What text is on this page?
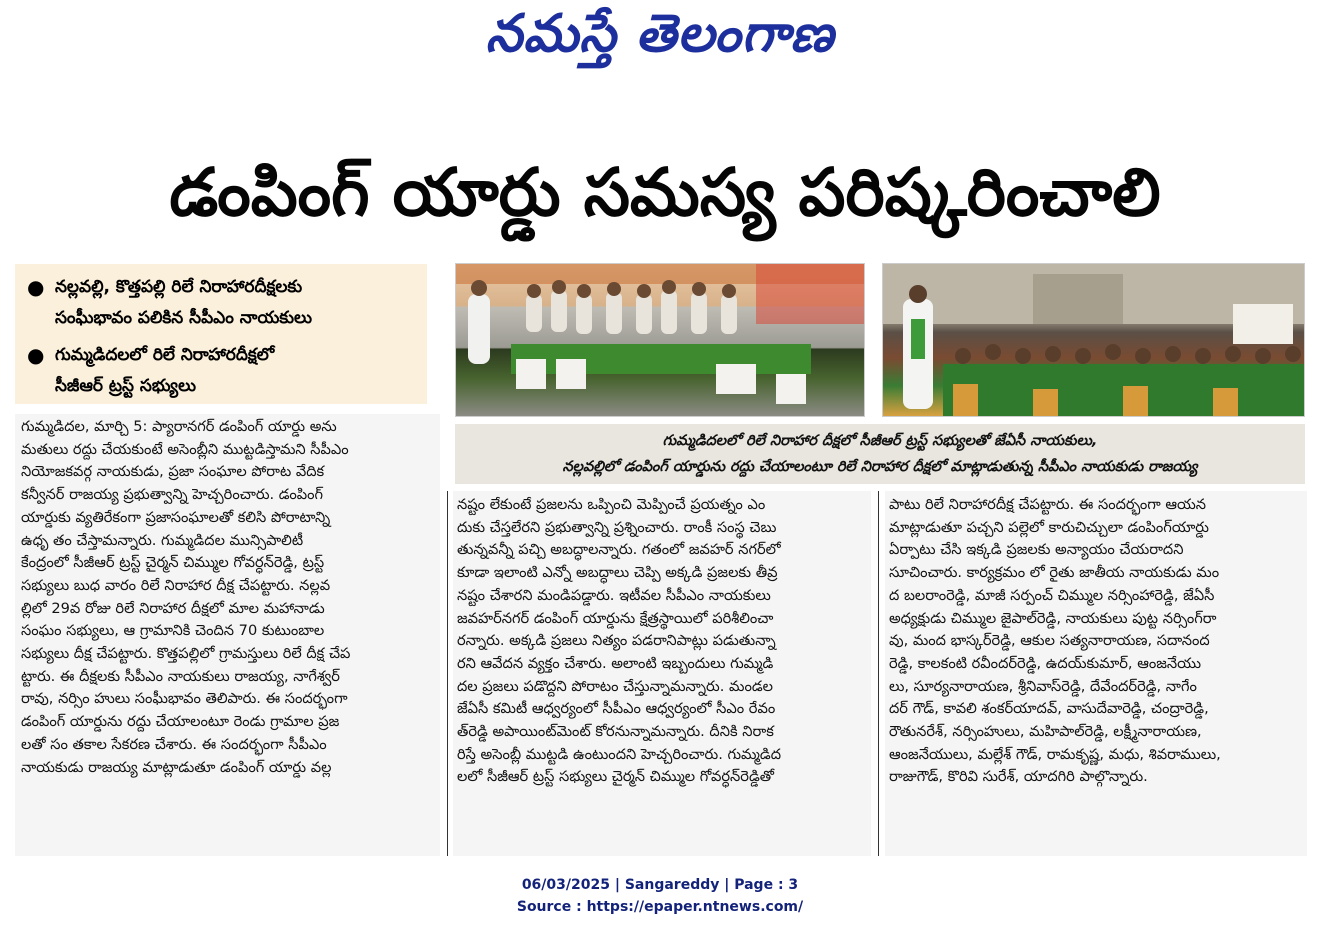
నమస్తే తెలంగాణ
డంపింగ్ యార్డు సమస్య పరిష్కరించాలి
● నల్లవల్లి, కొత్తపల్లి రిలే నిరాహారదీక్షలకు
సంఘీభావం పలికిన సీపీఎం నాయకులు
● గుమ్మడిదలలో రిలే నిరాహారదీక్షలో
సీజీఆర్ ట్రస్ట్ సభ్యులు

గుమ్మడిదలలో రిలే నిరాహార దీక్షలో సీజీఆర్ ట్రస్ట్ సభ్యులతో జేఏసీ నాయకులు,

నల్లవల్లిలో డంపింగ్ యార్డును రద్దు చేయాలంటూ రిలే నిరాహార దీక్షలో మాట్లాడుతున్న సీపీఎం నాయకుడు రాజయ్య

గుమ్మడిదల, మార్చి 5: ప్యారానగర్ డంపింగ్ యార్డు అను

మతులు రద్దు చేయకుంటే అసెంబ్లీని ముట్టడిస్తామని సీపీఎం

నియోజకవర్గ నాయకుడు, ప్రజా సంఘాల పోరాట వేదిక

కన్వీనర్ రాజయ్య ప్రభుత్వాన్ని హెచ్చరించారు. డంపింగ్

యార్డుకు వ్యతిరేకంగా ప్రజాసంఘాలతో కలిసి పోరాటాన్ని

ఉధృ తం చేస్తామన్నారు. గుమ్మడిదల మున్సిపాలిటీ

కేంద్రంలో సీజీఆర్ ట్రస్ట్ చైర్మన్ చిమ్ముల గోవర్ధన్‌రెడ్డి, ట్రస్ట్

సభ్యులు బుధ వారం రిలే నిరాహార దీక్ష చేపట్టారు. నల్లవ

ల్లిలో 29వ రోజు రిలే నిరాహార దీక్షలో మాల మహానాడు

సంఘం సభ్యులు, ఆ గ్రామానికి చెందిన 70 కుటుంబాల

సభ్యులు దీక్ష చేపట్టారు. కొత్తపల్లిలో గ్రామస్తులు రిలే దీక్ష చేప

ట్టారు. ఈ దీక్షలకు సీపీఎం నాయకులు రాజయ్య, నాగేశ్వర్

రావు, నర్సిం హులు సంఘీభావం తెలిపారు. ఈ సందర్భంగా

డంపింగ్ యార్డును రద్దు చేయాలంటూ రెండు గ్రామాల ప్రజ

లతో సం తకాల సేకరణ చేశారు. ఈ సందర్భంగా సీపీఎం

నాయకుడు రాజయ్య మాట్లాడుతూ డంపింగ్ యార్డు వల్ల

నష్టం లేకుంటే ప్రజలను ఒప్పించి మెప్పించే ప్రయత్నం ఎం

దుకు చేస్తలేరని ప్రభుత్వాన్ని ప్రశ్నించారు. రాంకీ సంస్థ చెబు

తున్నవన్నీ పచ్చి అబద్ధాలన్నారు. గతంలో జవహర్ నగర్‌లో

కూడా ఇలాంటి ఎన్నో అబద్ధాలు చెప్పి అక్కడి ప్రజలకు తీవ్ర

నష్టం చేశారని మండిపడ్డారు. ఇటీవల సీపీఎం నాయకులు

జవహర్‌నగర్ డంపింగ్ యార్డును క్షేత్రస్థాయిలో పరిశీలించా

రన్నారు. అక్కడి ప్రజలు నిత్యం పడరానిపాట్లు పడుతున్నా

రని ఆవేదన వ్యక్తం చేశారు. అలాంటి ఇబ్బందులు గుమ్మడి

దల ప్రజలు పడొద్దని పోరాటం చేస్తున్నామన్నారు. మండల

జేఏసీ కమిటీ ఆధ్వర్యంలో సీపీఎం ఆధ్వర్యంలో సీఎం రేవం

త్‌రెడ్డి అపాయింట్‌మెంట్ కోరనున్నామన్నారు. దీనికి నిరాక

రిస్తే అసెంబ్లీ ముట్టడి ఉంటుందని హెచ్చరించారు. గుమ్మడిద

లలో సీజీఆర్ ట్రస్ట్ సభ్యులు చైర్మన్ చిమ్ముల గోవర్ధన్‌రెడ్డితో

పాటు రిలే నిరాహారదీక్ష చేపట్టారు. ఈ సందర్భంగా ఆయన

మాట్లాడుతూ పచ్చని పల్లెలో కారుచిచ్చులా డంపింగ్‌యార్డు

ఏర్పాటు చేసి ఇక్కడి ప్రజలకు అన్యాయం చేయరాదని

సూచించారు. కార్యక్రమం లో రైతు జాతీయ నాయకుడు మం

ద బలరాంరెడ్డి, మాజీ సర్పంచ్ చిమ్ముల నర్సింహారెడ్డి, జేఏసీ

అధ్యక్షుడు చిమ్ముల జైపాల్‌రెడ్డి, నాయకులు పుట్ట నర్సింగ్‌రా

వు, మంద భాస్కర్‌రెడ్డి, ఆకుల సత్యనారాయణ, సదానంద

రెడ్డి, కాలకంటి రవీందర్‌రెడ్డి, ఉదయ్‌కుమార్, ఆంజనేయు

లు, సూర్యనారాయణ, శ్రీనివాస్‌రెడ్డి, దేవేందర్‌రెడ్డి, నాగేం

దర్ గౌడ్, కావలి శంకర్‌యాదవ్, వాసుదేవారెడ్డి, చంద్రారెడ్డి,

రౌతునరేశ్, నర్సింహులు, మహిపాల్‌రెడ్డి, లక్ష్మీనారాయణ,

ఆంజనేయులు, మల్లేశ్ గౌడ్, రామకృష్ణ, మధు, శివరాములు,

రాజుగౌడ్, కొరివి సురేశ్, యాదగిరి పాల్గొన్నారు.

06/03/2025 | Sangareddy | Page : 3
Source : https://epaper.ntnews.com/
